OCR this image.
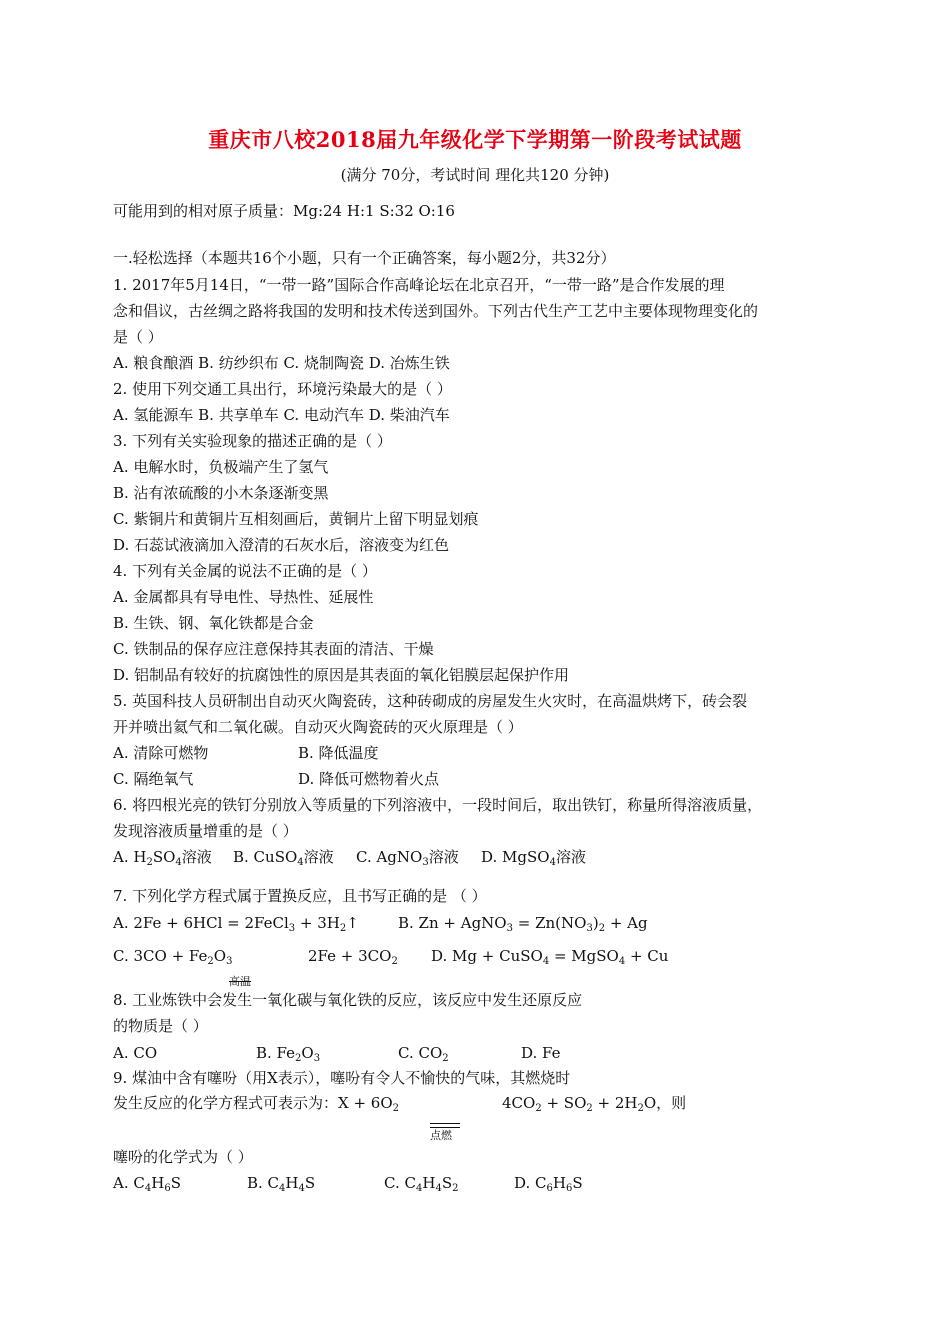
重庆市八校2018届九年级化学下学期第一阶段考试试题
(满分 70分，考试时间 理化共120 分钟)
可能用到的相对原子质量：Mg:24 H:1 S:32 O:16
一.轻松选择（本题共16个小题，只有一个正确答案，每小题2分，共32分）
1. 2017年5月14日，“一带一路”国际合作高峰论坛在北京召开，“一带一路”是合作发展的理
念和倡议，古丝绸之路将我国的发明和技术传送到国外。下列古代生产工艺中主要体现物理变化的
是（ ）
A. 粮食酿酒 B. 纺纱织布 C. 烧制陶瓷 D. 冶炼生铁
2. 使用下列交通工具出行，环境污染最大的是（ ）
A. 氢能源车 B. 共享单车 C. 电动汽车 D. 柴油汽车
3. 下列有关实验现象的描述正确的是（ ）
A. 电解水时，负极端产生了氢气
B. 沾有浓硫酸的小木条逐渐变黑
C. 紫铜片和黄铜片互相刻画后，黄铜片上留下明显划痕
D. 石蕊试液滴加入澄清的石灰水后，溶液变为红色
4. 下列有关金属的说法不正确的是（ ）
A. 金属都具有导电性、导热性、延展性
B. 生铁、钢、氧化铁都是合金
C. 铁制品的保存应注意保持其表面的清洁、干燥
D. 铝制品有较好的抗腐蚀性的原因是其表面的氧化铝膜层起保护作用
5. 英国科技人员研制出自动灭火陶瓷砖，这种砖砌成的房屋发生火灾时，在高温烘烤下，砖会裂
开并喷出氦气和二氧化碳。自动灭火陶瓷砖的灭火原理是（ ）
A. 清除可燃物	B. 降低温度
C. 隔绝氧气	D. 降低可燃物着火点
6. 将四根光亮的铁钉分别放入等质量的下列溶液中，一段时间后，取出铁钉，称量所得溶液质量，
发现溶液质量增重的是（ ）
A. $H_2SO_4$溶液 B. CuSO$_4$溶液 C. AgNO$_3$溶液 D. MgSO$_4$溶液
7. 下列化学方程式属于置换反应，且书写正确的是 （ ）
A. 2Fe + 6HCl = 2FeCl$_3$ + $3H_2↑$	B. Zn + AgNO$_3$ = $Zn(NO_3)_2 + Ag$
C. $3CO + Fe_2O_3$	$2Fe + 3CO_2$ D. Mg + CuSO$_4$ = MgSO$_4$ + Cu
高温
8. 工业炼铁中会发生一氧化碳与氧化铁的反应，该反应中发生还原反应
的物质是（ ）
A. CO	B. $Fe_2O_3$	C. $CO_2$	D. Fe
9. 煤油中含有噻吩（用X表示），噻吩有令人不愉快的气味，其燃烧时
发生反应的化学方程式可表示为：$X + 6O_2$	$4CO_2 + SO_2 + 2H_2O$，则
点燃
噻吩的化学式为（ ）
A. $C_4H_6S$	B. $C_4H_4S$	C. $C_4H_4S_2$	D. $C_6H_6S$
